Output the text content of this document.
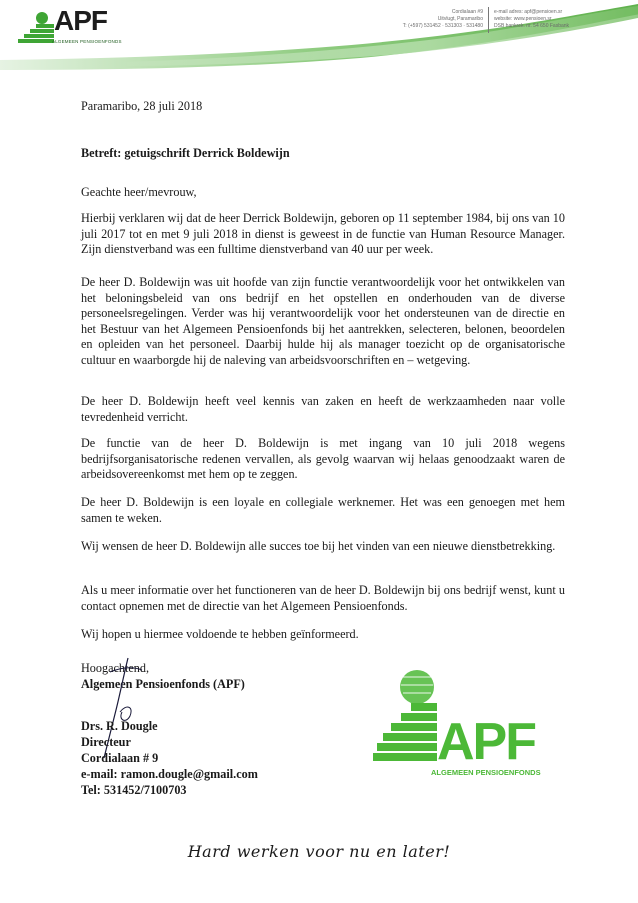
APF
ALGEMEEN PENSIOENFONDS
Cordialaan #9
Uitvlugt, Paramaribo
T: (+597) 531452 · 531303 · 531480
e-mail adres: apf@pensioen.sr
website: www.pensioen.sr
DSB bankrek. nr. 54 650 Fasbank
Paramaribo, 28 juli 2018
Betreft: getuigschrift Derrick Boldewijn
Geachte heer/mevrouw,
Hierbij verklaren wij dat de heer Derrick Boldewijn, geboren op 11 september 1984, bij ons van 10 juli 2017 tot en met 9 juli 2018 in dienst is geweest in de functie van Human Resource Manager. Zijn dienstverband was een fulltime dienstverband van 40 uur per week.
De heer D. Boldewijn was uit hoofde van zijn functie verantwoordelijk voor het ontwikkelen van het beloningsbeleid van ons bedrijf en het opstellen en onderhouden van de diverse personeelsregelingen. Verder was hij verantwoordelijk voor het ondersteunen van de directie en het Bestuur van het Algemeen Pensioenfonds bij het aantrekken, selecteren, belonen, beoordelen en opleiden van het personeel. Daarbij hulde hij als manager toezicht op de organisatorische cultuur en waarborgde hij de naleving van arbeidsvoorschriften en – wetgeving.
De heer D. Boldewijn heeft veel kennis van zaken en heeft de werkzaamheden naar volle tevredenheid verricht.
De functie van de heer D. Boldewijn is met ingang van 10 juli 2018 wegens bedrijfsorganisatorische redenen vervallen, als gevolg waarvan wij helaas genoodzaakt waren de arbeidsovereenkomst met hem op te zeggen.
De heer D. Boldewijn is een loyale en collegiale werknemer. Het was een genoegen met hem samen te weken.
Wij wensen de heer D. Boldewijn alle succes toe bij het vinden van een nieuwe dienstbetrekking.
Als u meer informatie over het functioneren van de heer D. Boldewijn bij ons bedrijf wenst, kunt u contact opnemen met de directie van het Algemeen Pensioenfonds.
Wij hopen u hiermee voldoende te hebben geïnformeerd.
Hoogachtend,
Algemeen Pensioenfonds (APF)
Drs. R. Dougle
Directeur
Cordialaan # 9
e-mail: ramon.dougle@gmail.com
Tel: 531452/7100703
APF
ALGEMEEN PENSIOENFONDS
Hard werken voor nu en later!
